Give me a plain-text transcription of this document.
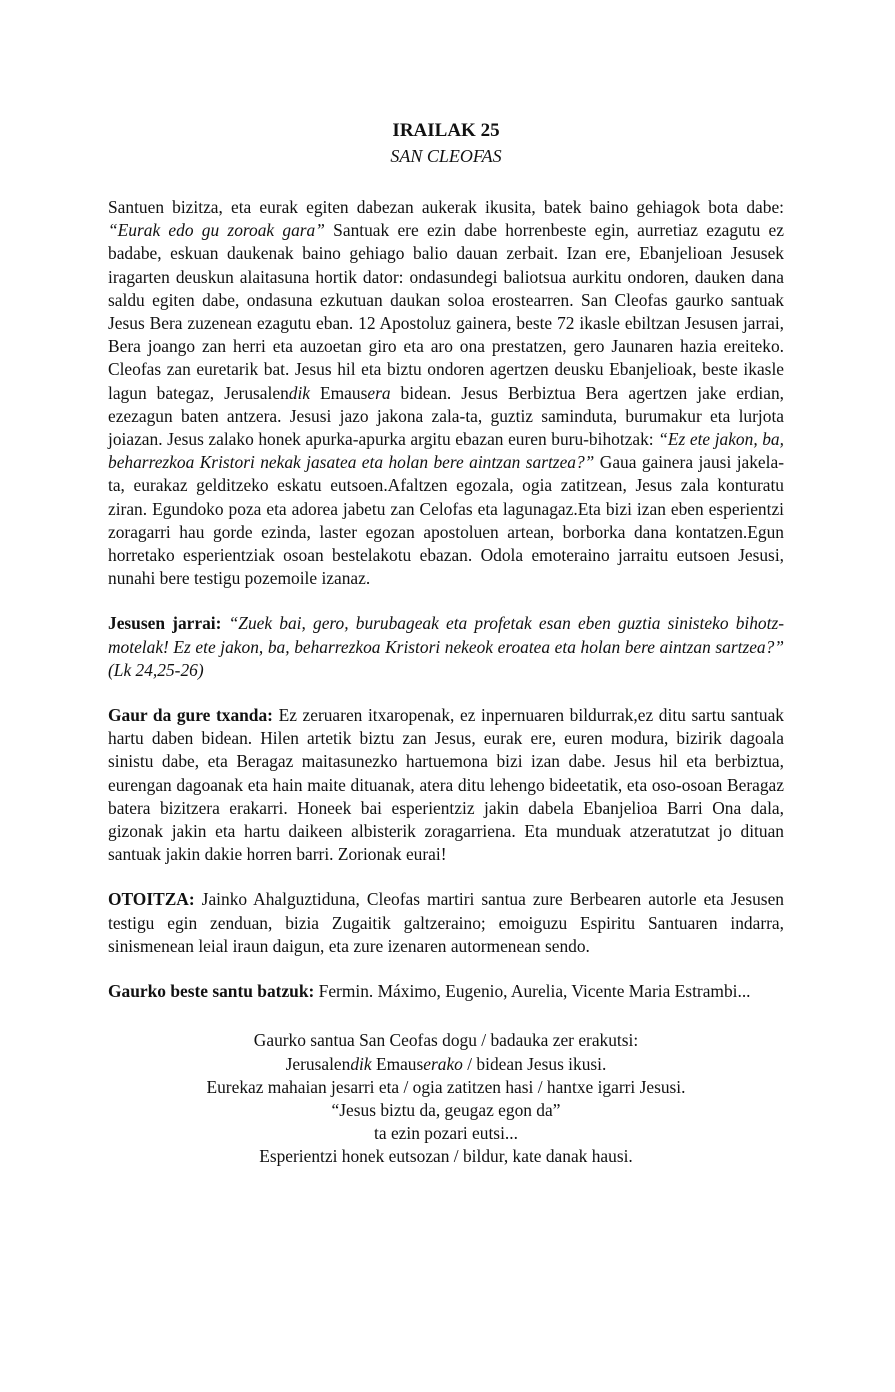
IRAILAK 25
SAN CLEOFAS

Santuen bizitza, eta eurak egiten dabezan aukerak ikusita, batek baino gehiagok bota dabe: “Eurak edo gu zoroak gara” Santuak ere ezin dabe horrenbeste egin, aurretiaz ezagutu ez badabe, eskuan daukenak baino gehiago balio dauan zerbait. Izan ere, Ebanjelioan Jesusek iragarten deuskun alaitasuna hortik dator: ondasundegi baliotsua aurkitu ondoren, dauken dana saldu egiten dabe, ondasuna ezkutuan daukan soloa erostearren. San Cleofas gaurko santuak Jesus Bera zuzenean ezagutu eban. 12 Apostoluz gainera, beste 72 ikasle ebiltzan Jesusen jarrai, Bera joango zan herri eta auzoetan giro eta aro ona prestatzen, gero Jaunaren hazia ereiteko. Cleofas zan euretarik bat. Jesus hil eta biztu ondoren agertzen deusku Ebanjelioak, beste ikasle lagun bategaz, Jerusalendik Emausera bidean. Jesus Berbiztua Bera agertzen jake erdian, ezezagun baten antzera. Jesusi jazo jakona zala-ta, guztiz saminduta, burumakur eta lurjota joiazan. Jesus zalako honek apurka-apurka argitu ebazan euren buru-bihotzak: “Ez ete jakon, ba, beharrezkoa Kristori nekak jasatea eta holan bere aintzan sartzea?” Gaua gainera jausi jakela-ta, eurakaz gelditzeko eskatu eutsoen.Afaltzen egozala, ogia zatitzean, Jesus zala konturatu ziran. Egundoko poza eta adorea jabetu zan Celofas eta lagunagaz.Eta bizi izan eben esperientzi zoragarri hau gorde ezinda, laster egozan apostoluen artean, borborka dana kontatzen.Egun horretako esperientziak osoan bestelakotu ebazan. Odola emoteraino jarraitu eutsoen Jesusi, nunahi bere testigu pozemoile izanaz.

Jesusen jarrai: “Zuek bai, gero, burubageak eta profetak esan eben guztia sinisteko bihotz-motelak! Ez ete jakon, ba, beharrezkoa Kristori nekeok eroatea eta holan bere aintzan sartzea?” (Lk 24,25-26)

Gaur da gure txanda: Ez zeruaren itxaropenak, ez inpernuaren bildurrak,ez ditu sartu santuak hartu daben bidean. Hilen artetik biztu zan Jesus, eurak ere, euren modura, bizirik dagoala sinistu dabe, eta Beragaz maitasunezko hartuemona bizi izan dabe. Jesus hil eta berbiztua, eurengan dagoanak eta hain maite dituanak, atera ditu lehengo bideetatik, eta oso-osoan Beragaz batera bizitzera erakarri. Honeek bai esperientziz jakin dabela Ebanjelioa Barri Ona dala, gizonak jakin eta hartu daikeen albisterik zoragarriena. Eta munduak atzeratutzat jo dituan santuak jakin dakie horren barri. Zorionak eurai!

OTOITZA: Jainko Ahalguztiduna, Cleofas martiri santua zure Berbearen autorle eta Jesusen testigu egin zenduan, bizia Zugaitik galtzeraino; emoiguzu Espiritu Santuaren indarra, sinismenean leial iraun daigun, eta zure izenaren autormenean sendo.

Gaurko beste santu batzuk: Fermin. Máximo, Eugenio, Aurelia, Vicente Maria Estrambi...

Gaurko santua San Ceofas dogu / badauka zer erakutsi:
Jerusalendik Emauserako / bidean Jesus ikusi.
Eurekaz mahaian jesarri eta / ogia zatitzen hasi / hantxe igarri Jesusi.
“Jesus biztu da, geugaz egon da”
ta ezin pozari eutsi...
Esperientzi honek eutsozan / bildur, kate danak hausi.
